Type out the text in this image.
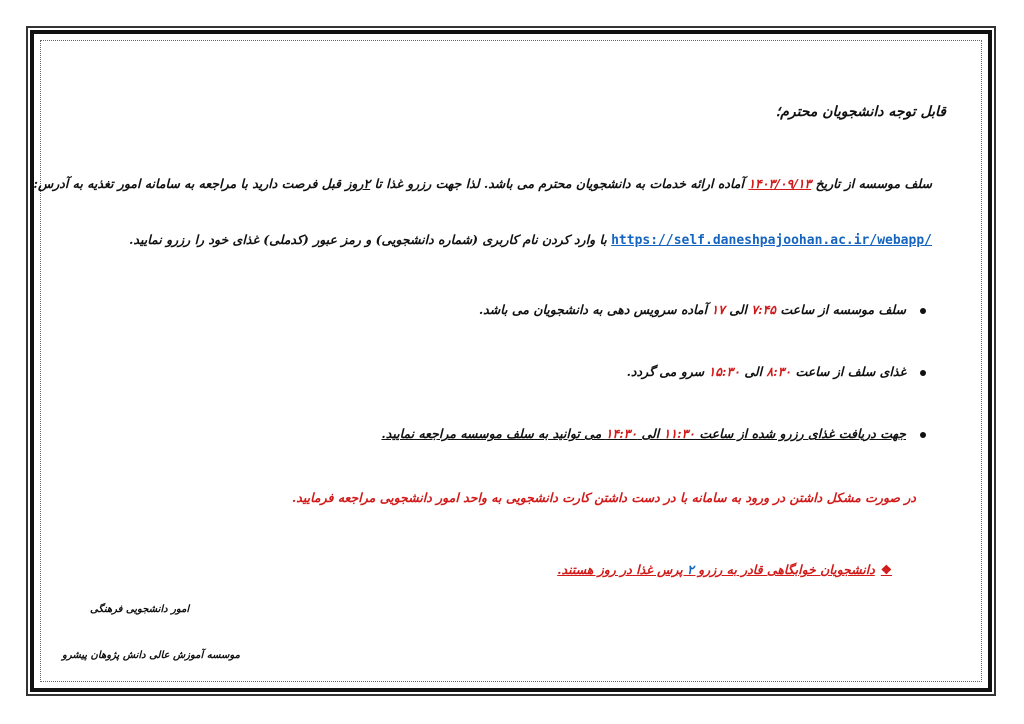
قابل توجه دانشجویان محترم؛
سلف موسسه از تاریخ ۱۴۰۳/۰۹/۱۳ آماده ارائه خدمات به دانشجویان محترم می باشد. لذا جهت رزرو غذا تا ۲روز قبل فرصت دارید با مراجعه به سامانه امور تغذیه به آدرس:
https://self.daneshpajoohan.ac.ir/webapp/ با وارد کردن نام کاربری (شماره دانشجویی) و رمز عبور (کدملی) غذای خود را رزرو نمایید.
سلف موسسه از ساعت ۷:۴۵ الی ۱۷ آماده سرویس دهی به دانشجویان می باشد.
غذای سلف از ساعت ۸:۳۰ الی ۱۵:۳۰ سرو می گردد.
جهت دریافت غذای رزرو شده از ساعت ۱۱:۳۰ الی ۱۴:۳۰ می توانید به سلف موسسه مراجعه نمایید.
در صورت مشکل داشتن در ورود به سامانه با در دست داشتن کارت دانشجویی به واحد امور دانشجویی مراجعه فرمایید.
❖دانشجویان خوابگاهی قادر به رزرو ۲ پرس غذا در روز هستند.
امور دانشجویی فرهنگی
موسسه آموزش عالی دانش پژوهان پیشرو
